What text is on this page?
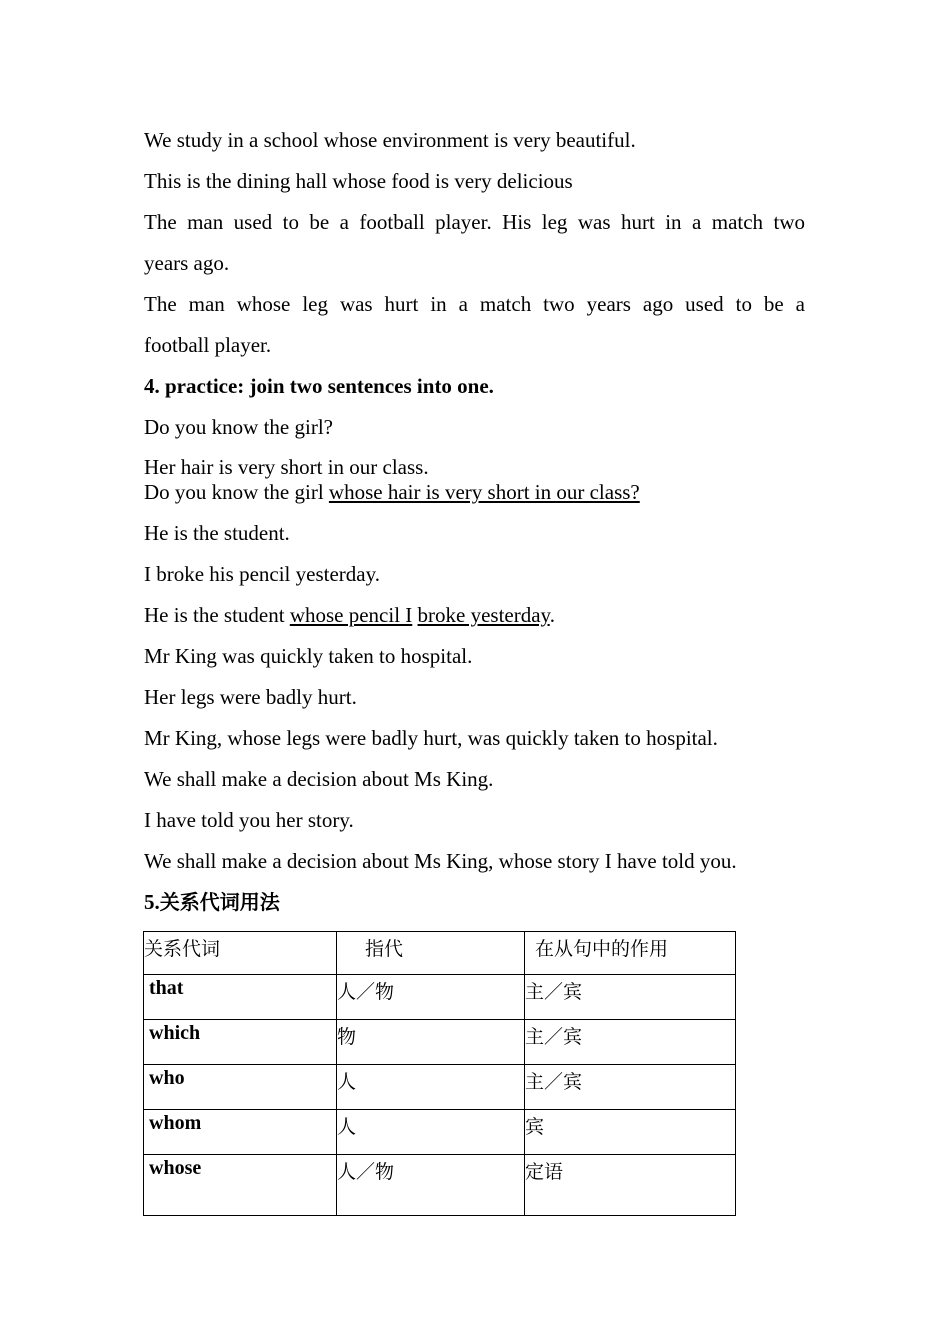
We study in a school whose environment is very beautiful.

This is the dining hall whose food is very delicious

The man used to be a football player. His leg was hurt in a match two

years ago.

The man whose leg was hurt in a match two years ago used to be a

football player.

4. practice: join two sentences into one.

Do you know the girl?

Her hair is very short in our class.
Do you know the girl whose hair is very short in our class?

He is the student.

I broke his pencil yesterday.

He is the student whose pencil I broke yesterday.

Mr King was quickly taken to hospital.

Her legs were badly hurt.

Mr King, whose legs were badly hurt, was quickly taken to hospital.

We shall make a decision about Ms King.

I have told you her story.

We shall make a decision about Ms King, whose story I have told you.

5.关系代词用法

关系代词	指代	在从句中的作用

that	人／物	主／宾

which	物	主／宾

who	人	主／宾

whom	人	宾

whose	人／物	定语
